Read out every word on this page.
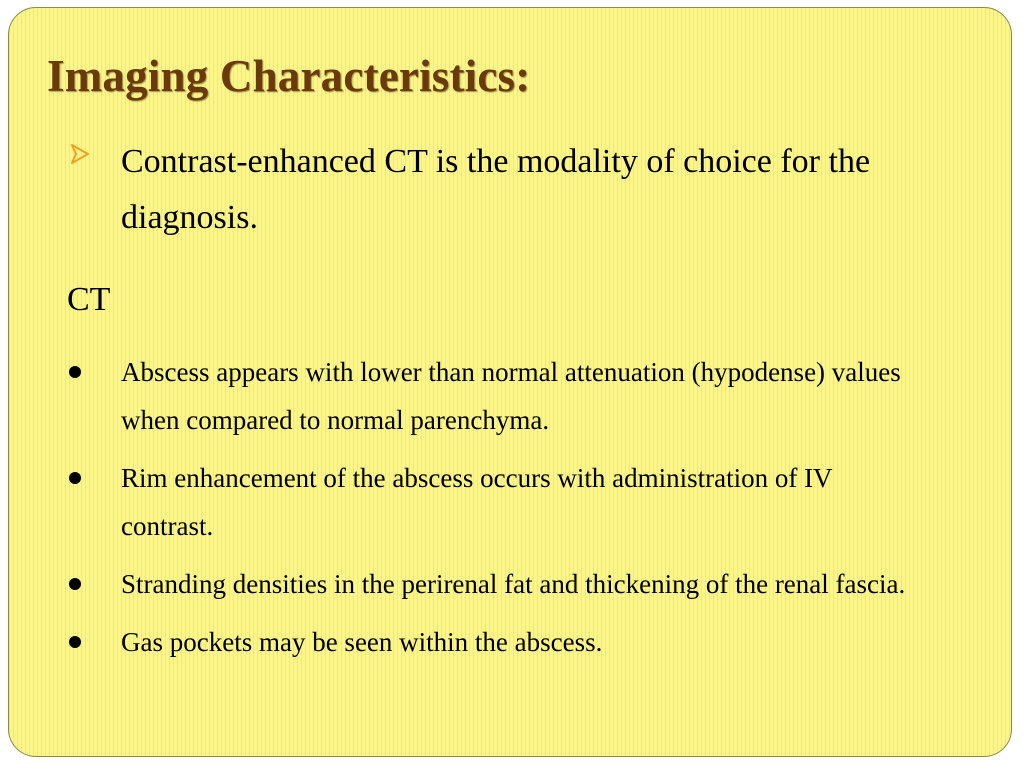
Imaging Characteristics:
Contrast-enhanced CT is the modality of choice for the diagnosis.
CT
Abscess appears with lower than normal attenuation (hypodense) values when compared to normal parenchyma.
Rim enhancement of the abscess occurs with administration of IV contrast.
Stranding densities in the perirenal fat and thickening of the renal fascia.
Gas pockets may be seen within the abscess.
